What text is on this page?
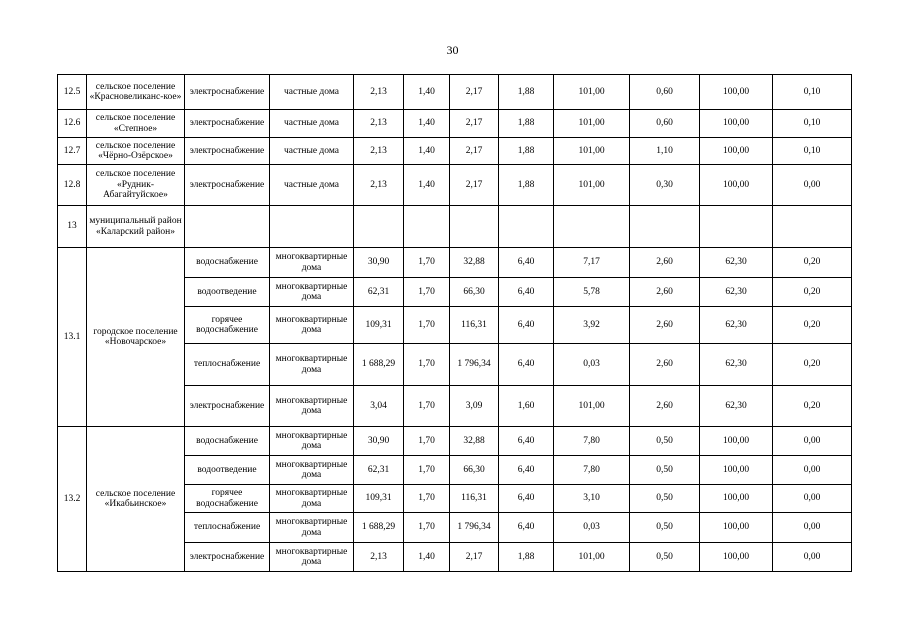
30
12.5	сельское поселение «Красновеликанс-кое»	электроснабжение	частные дома	2,13	1,40	2,17	1,88	101,00	0,60	100,00	0,10
12.6	сельское поселение «Степное»	электроснабжение	частные дома	2,13	1,40	2,17	1,88	101,00	0,60	100,00	0,10
12.7	сельское поселение «Чёрно-Озёрское»	электроснабжение	частные дома	2,13	1,40	2,17	1,88	101,00	1,10	100,00	0,10
12.8	сельское поселение «Рудник-Абагайтуйское»	электроснабжение	частные дома	2,13	1,40	2,17	1,88	101,00	0,30	100,00	0,00
13	муниципальный район «Каларский район»										
13.1	городское поселение «Новочарское»	водоснабжение	многоквартирные дома	30,90	1,70	32,88	6,40	7,17	2,60	62,30	0,20
		водоотведение	многоквартирные дома	62,31	1,70	66,30	6,40	5,78	2,60	62,30	0,20
		горячее водоснабжение	многоквартирные дома	109,31	1,70	116,31	6,40	3,92	2,60	62,30	0,20
		теплоснабжение	многоквартирные дома	1 688,29	1,70	1 796,34	6,40	0,03	2,60	62,30	0,20
		электроснабжение	многоквартирные дома	3,04	1,70	3,09	1,60	101,00	2,60	62,30	0,20
13.2	сельское поселение «Икабьинское»	водоснабжение	многоквартирные дома	30,90	1,70	32,88	6,40	7,80	0,50	100,00	0,00
		водоотведение	многоквартирные дома	62,31	1,70	66,30	6,40	7,80	0,50	100,00	0,00
		горячее водоснабжение	многоквартирные дома	109,31	1,70	116,31	6,40	3,10	0,50	100,00	0,00
		теплоснабжение	многоквартирные дома	1 688,29	1,70	1 796,34	6,40	0,03	0,50	100,00	0,00
		электроснабжение	многоквартирные дома	2,13	1,40	2,17	1,88	101,00	0,50	100,00	0,00
